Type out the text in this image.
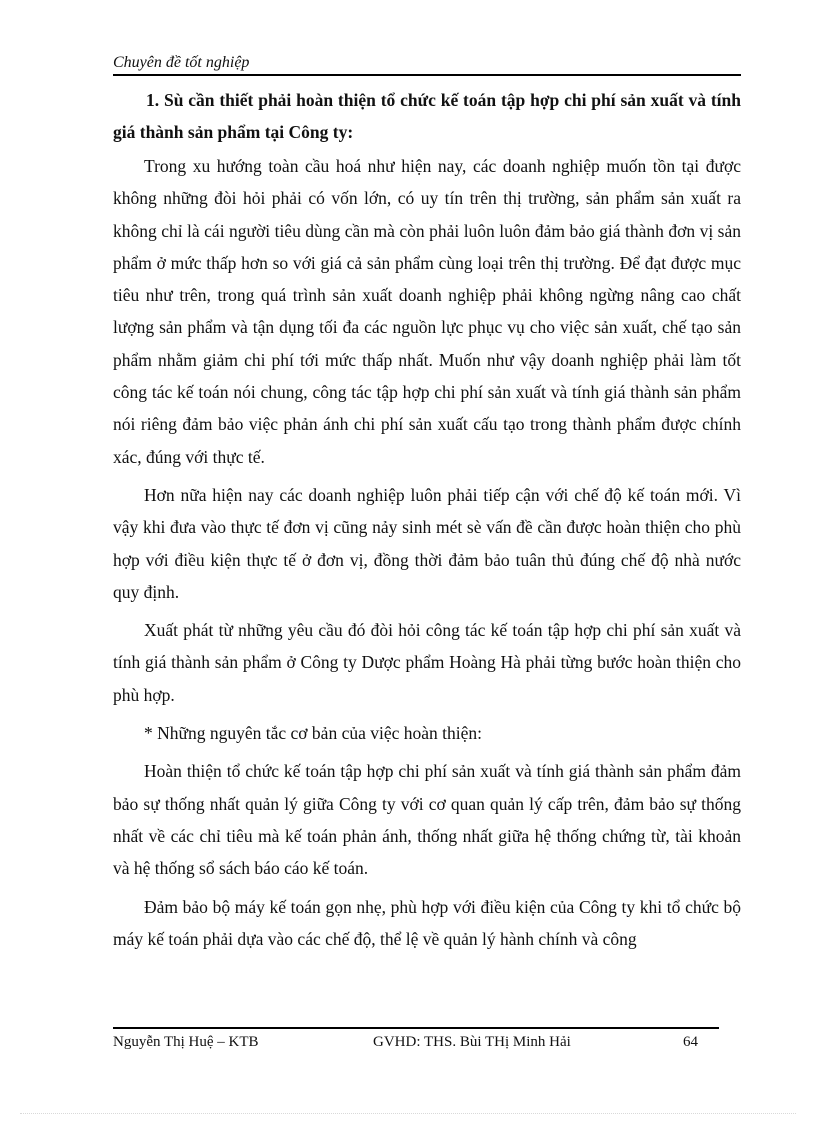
Chuyên đề tốt nghiệp
1. Sù cần thiết phải hoàn thiện tổ chức kế toán tập hợp chi phí sản xuất và tính giá thành sản phẩm tại Công ty:

Trong xu hướng toàn cầu hoá như hiện nay, các doanh nghiệp muốn tồn tại được không những đòi hỏi phải có vốn lớn, có uy tín trên thị trường, sản phẩm sản xuất ra không chỉ là cái người tiêu dùng cần mà còn phải luôn luôn đảm bảo giá thành đơn vị sản phẩm ở mức thấp hơn so với giá cả sản phẩm cùng loại trên thị trường. Để đạt được mục tiêu như trên, trong quá trình sản xuất doanh nghiệp phải không ngừng nâng cao chất lượng sản phẩm và tận dụng tối đa các nguồn lực phục vụ cho việc sản xuất, chế tạo sản phẩm nhằm giảm chi phí tới mức thấp nhất. Muốn như vậy doanh nghiệp phải làm tốt công tác kế toán nói chung, công tác tập hợp chi phí sản xuất và tính giá thành sản phẩm nói riêng đảm bảo việc phản ánh chi phí sản xuất cấu tạo trong thành phẩm được chính xác, đúng với thực tế.

Hơn nữa hiện nay các doanh nghiệp luôn phải tiếp cận với chế độ kế toán mới. Vì vậy khi đưa vào thực tế đơn vị cũng nảy sinh mét sè vấn đề cần được hoàn thiện cho phù hợp với điều kiện thực tế ở đơn vị, đồng thời đảm bảo tuân thủ đúng chế độ nhà nước quy định.

Xuất phát từ những yêu cầu đó đòi hỏi công tác kế toán tập hợp chi phí sản xuất và tính giá thành sản phẩm ở Công ty Dược phẩm Hoàng Hà phải từng bước hoàn thiện cho phù hợp.

* Những nguyên tắc cơ bản của việc hoàn thiện:

Hoàn thiện tổ chức kế toán tập hợp chi phí sản xuất và tính giá thành sản phẩm đảm bảo sự thống nhất quản lý giữa Công ty với cơ quan quản lý cấp trên, đảm bảo sự thống nhất về các chỉ tiêu mà kế toán phản ánh, thống nhất giữa hệ thống chứng từ, tài khoản và hệ thống sổ sách báo cáo kế toán.

Đảm bảo bộ máy kế toán gọn nhẹ, phù hợp với điều kiện của Công ty khi tổ chức bộ máy kế toán phải dựa vào các chế độ, thể lệ về quản lý hành chính và công

Nguyễn Thị Huệ – KTB	GVHD: THS. Bùi THị Minh Hải	64
